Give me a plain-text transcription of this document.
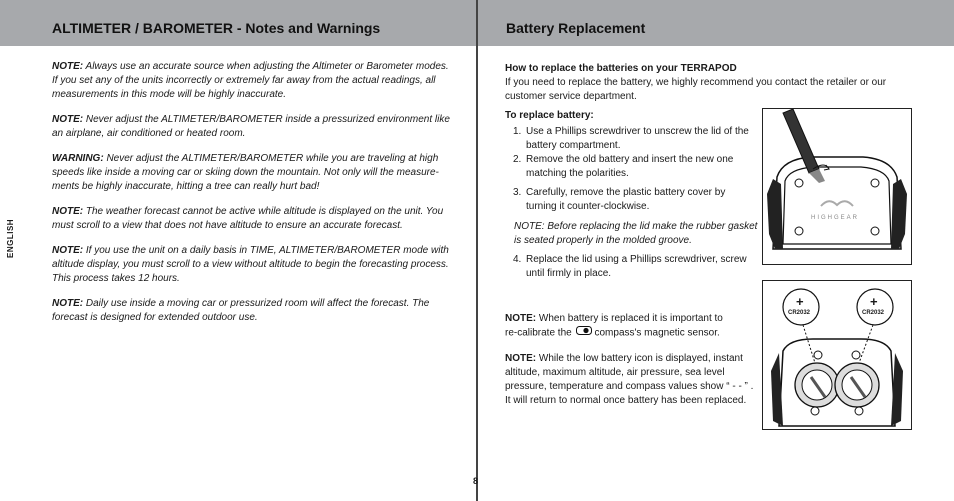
ALTIMETER / BAROMETER - Notes and Warnings	Battery Replacement
ENGLISH

NOTE: Always use an accurate source when adjusting the Altimeter or Barometer modes. If you set any of the units incorrectly or extremely far away from the actual readings, all measurements in this mode will be highly inaccurate.

NOTE: Never adjust the ALTIMETER/BAROMETER inside a pressurized environment like an airplane, air conditioned or heated room.

WARNING: Never adjust the ALTIMETER/BAROMETER while you are traveling at high speeds like inside a moving car or skiing down the mountain. Not only will the measure-ments be highly inaccurate, hitting a tree can really hurt bad!

NOTE: The weather forecast cannot be active while altitude is displayed on the unit. You must scroll to a view that does not have altitude to ensure an accurate forecast.

NOTE: If you use the unit on a daily basis in TIME, ALTIMETER/BAROMETER mode with altitude display, you must scroll to a view without altitude to begin the forecasting process. This process takes 12 hours.

NOTE: Daily use inside a moving car or pressurized room will affect the forecast. The forecast is designed for extended outdoor use.

How to replace the batteries on your TERRAPOD
If you need to replace the battery, we highly recommend you contact the retailer or our customer service department.
To replace battery:
1. Use a Phillips screwdriver to unscrew the lid of the battery compartment.
2. Remove the old battery and insert the new one matching the polarities.
3. Carefully, remove the plastic battery cover by turning it counter-clockwise.
NOTE: Before replacing the lid make the rubber gasket is seated properly in the molded groove.
4. Replace the lid using a Phillips screwdriver, screw until firmly in place.
NOTE: When battery is replaced it is important to re-calibrate the compass's magnetic sensor.
NOTE: While the low battery icon is displayed, instant altitude, maximum altitude, air pressure, sea level pressure, temperature and compass values show “ - - ” . It will return to normal once battery has been replaced.
HIGHGEAR
+	+
CR2032	CR2032
8
